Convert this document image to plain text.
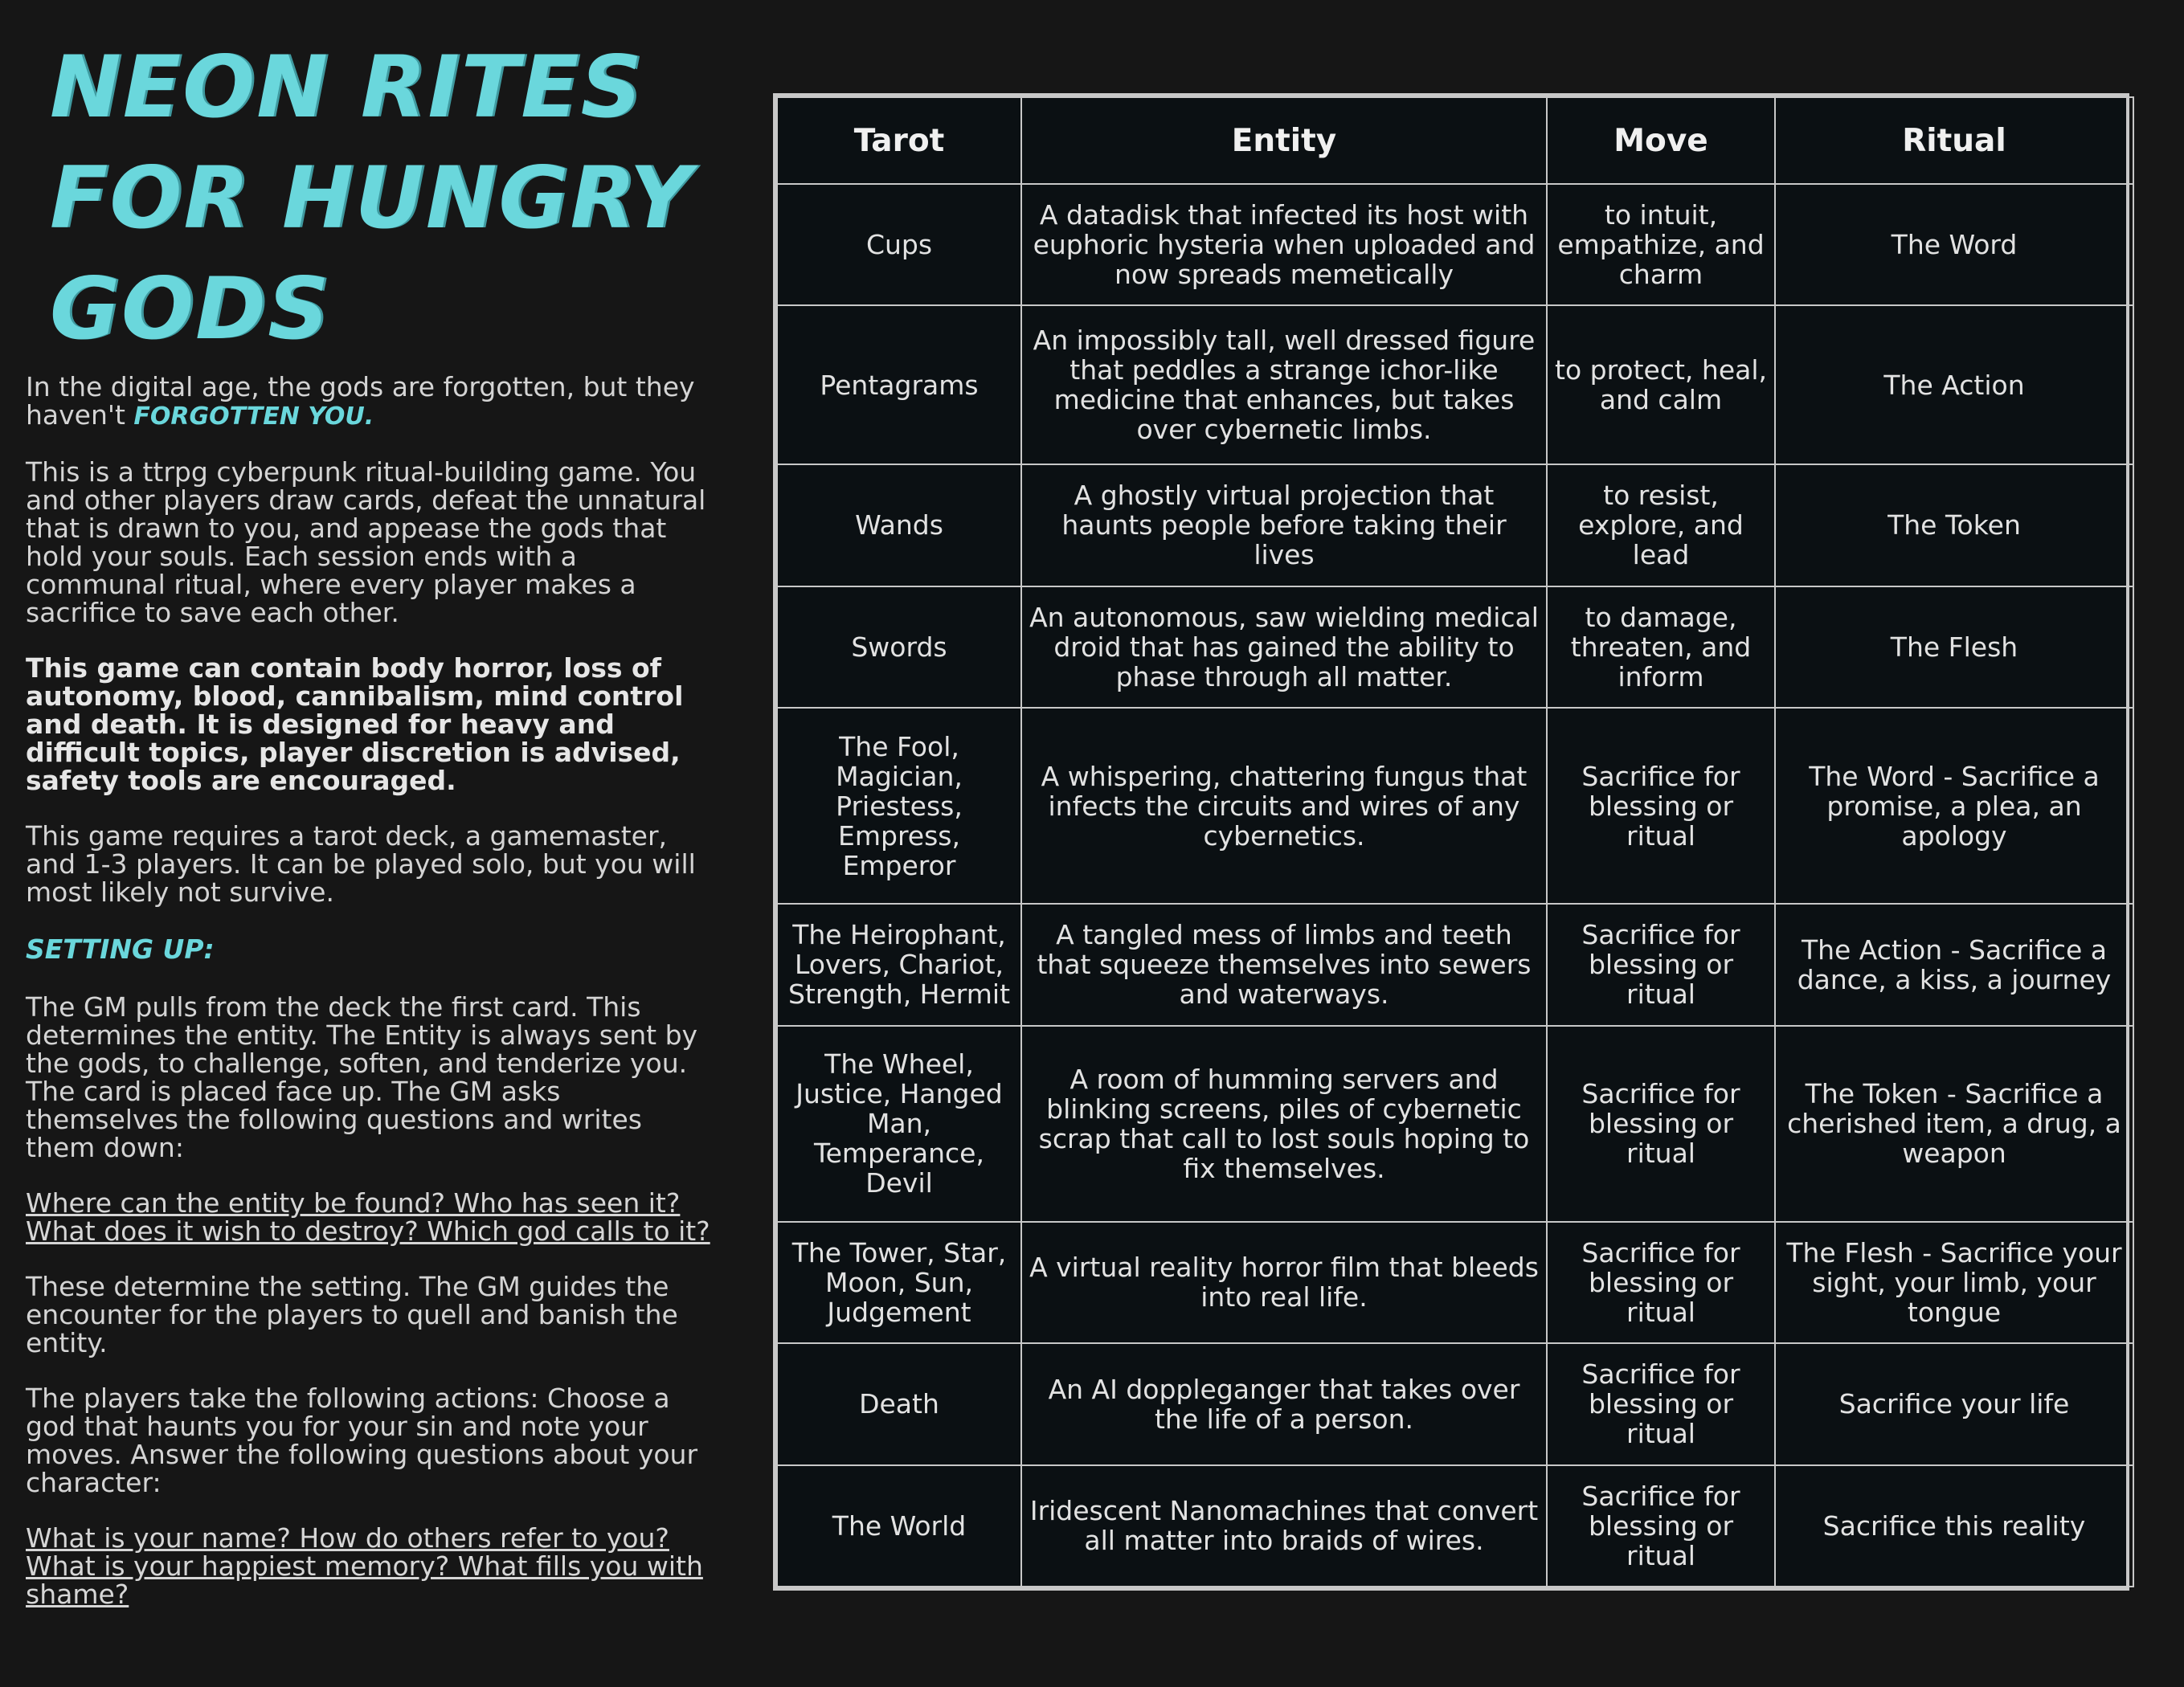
NEON RITES
FOR HUNGRY
GODS

In the digital age, the gods are forgotten, but they haven't FORGOTTEN YOU.

This is a ttrpg cyberpunk ritual-building game. You and other players draw cards, defeat the unnatural that is drawn to you, and appease the gods that hold your souls. Each session ends with a communal ritual, where every player makes a sacrifice to save each other.

This game can contain body horror, loss of autonomy, blood, cannibalism, mind control and death. It is designed for heavy and difficult topics, player discretion is advised, safety tools are encouraged.

This game requires a tarot deck, a gamemaster, and 1-3 players. It can be played solo, but you will most likely not survive.

SETTING UP:

The GM pulls from the deck the first card. This determines the entity. The Entity is always sent by the gods, to challenge, soften, and tenderize you. The card is placed face up. The GM asks themselves the following questions and writes them down:

Where can the entity be found? Who has seen it?
What does it wish to destroy? Which god calls to it?

These determine the setting. The GM guides the encounter for the players to quell and banish the entity.

The players take the following actions: Choose a god that haunts you for your sin and note your moves. Answer the following questions about your character:

What is your name? How do others refer to you?
What is your happiest memory? What fills you with shame?
Tarot	Entity	Move	Ritual
Cups	A datadisk that infected its host with euphoric hysteria when uploaded and now spreads memetically	to intuit, empathize, and charm	The Word
Pentagrams	An impossibly tall, well dressed figure that peddles a strange ichor-like medicine that enhances, but takes over cybernetic limbs.	to protect, heal, and calm	The Action
Wands	A ghostly virtual projection that haunts people before taking their lives	to resist, explore, and lead	The Token
Swords	An autonomous, saw wielding medical droid that has gained the ability to phase through all matter.	to damage, threaten, and inform	The Flesh
The Fool, Magician, Priestess, Empress, Emperor	A whispering, chattering fungus that infects the circuits and wires of any cybernetics.	Sacrifice for blessing or ritual	The Word - Sacrifice a promise, a plea, an apology
The Heirophant, Lovers, Chariot, Strength, Hermit	A tangled mess of limbs and teeth that squeeze themselves into sewers and waterways.	Sacrifice for blessing or ritual	The Action - Sacrifice a dance, a kiss, a journey
The Wheel, Justice, Hanged Man, Temperance, Devil	A room of humming servers and blinking screens, piles of cybernetic scrap that call to lost souls hoping to fix themselves.	Sacrifice for blessing or ritual	The Token - Sacrifice a cherished item, a drug, a weapon
The Tower, Star, Moon, Sun, Judgement	A virtual reality horror film that bleeds into real life.	Sacrifice for blessing or ritual	The Flesh - Sacrifice your sight, your limb, your tongue
Death	An AI doppleganger that takes over the life of a person.	Sacrifice for blessing or ritual	Sacrifice your life
The World	Iridescent Nanomachines that convert all matter into braids of wires.	Sacrifice for blessing or ritual	Sacrifice this reality
